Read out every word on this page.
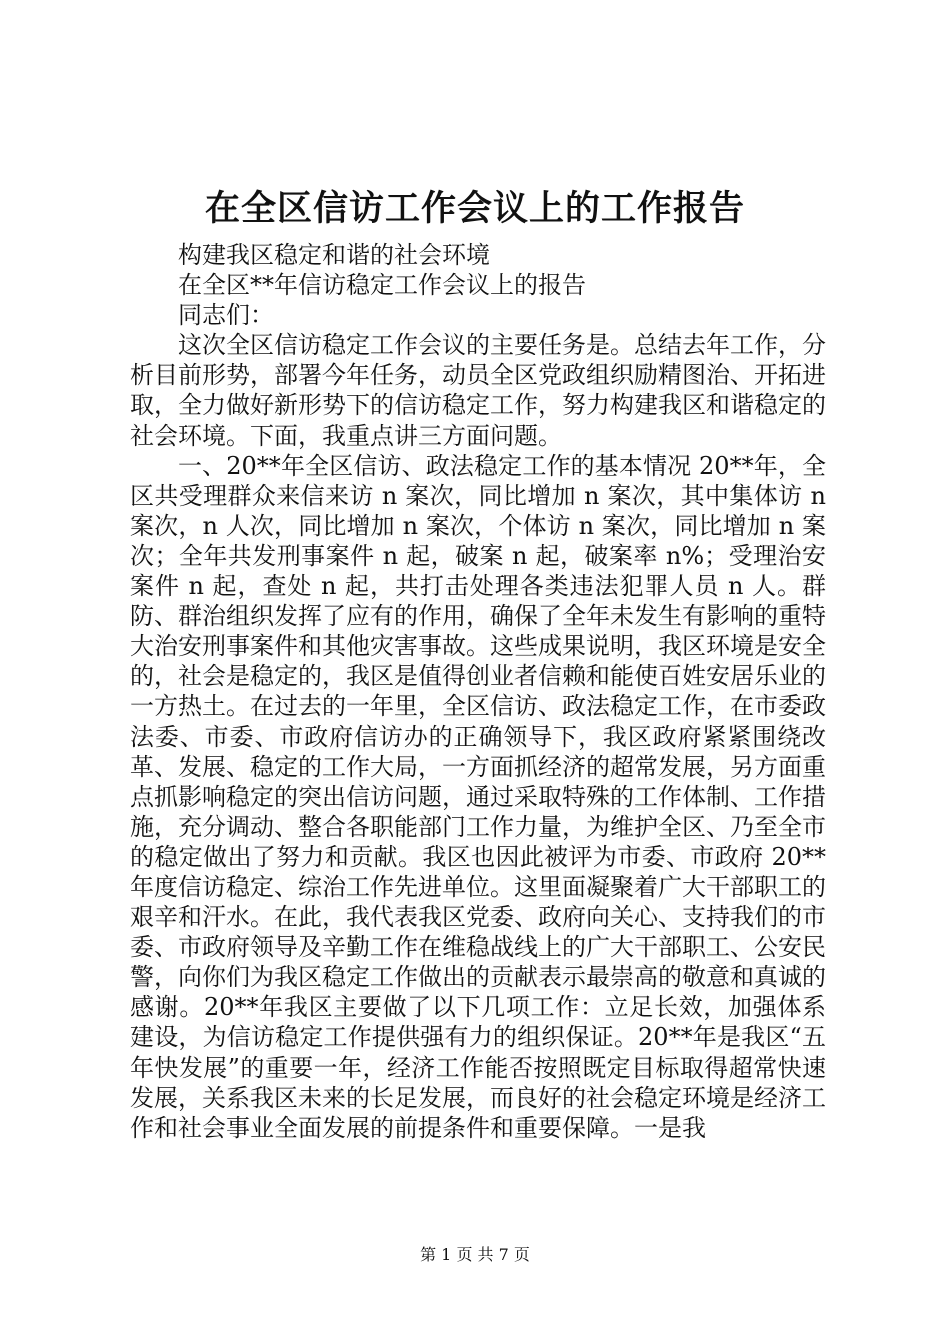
在全区信访工作会议上的工作报告

构建我区稳定和谐的社会环境

在全区**年信访稳定工作会议上的报告

同志们：

这次全区信访稳定工作会议的主要任务是。总结去年工作，分析目前形势，部署今年任务，动员全区党政组织励精图治、开拓进取，全力做好新形势下的信访稳定工作，努力构建我区和谐稳定的社会环境。下面，我重点讲三方面问题。

一、20**年全区信访、政法稳定工作的基本情况 20**年，全区共受理群众来信来访 n 案次，同比增加 n 案次，其中集体访 n 案次，n 人次，同比增加 n 案次，个体访 n 案次，同比增加 n 案次；全年共发刑事案件 n 起，破案 n 起，破案率 n%；受理治安案件 n 起，查处 n 起，共打击处理各类违法犯罪人员 n 人。群防、群治组织发挥了应有的作用，确保了全年未发生有影响的重特大治安刑事案件和其他灾害事故。这些成果说明，我区环境是安全的，社会是稳定的，我区是值得创业者信赖和能使百姓安居乐业的一方热土。在过去的一年里，全区信访、政法稳定工作，在市委政法委、市委、市政府信访办的正确领导下，我区政府紧紧围绕改革、发展、稳定的工作大局，一方面抓经济的超常发展，另方面重点抓影响稳定的突出信访问题，通过采取特殊的工作体制、工作措施，充分调动、整合各职能部门工作力量，为维护全区、乃至全市的稳定做出了努力和贡献。我区也因此被评为市委、市政府 20**年度信访稳定、综治工作先进单位。这里面凝聚着广大干部职工的艰辛和汗水。在此，我代表我区党委、政府向关心、支持我们的市委、市政府领导及辛勤工作在维稳战线上的广大干部职工、公安民警，向你们为我区稳定工作做出的贡献表示最崇高的敬意和真诚的感谢。20**年我区主要做了以下几项工作：立足长效，加强体系建设，为信访稳定工作提供强有力的组织保证。20**年是我区“五年快发展”的重要一年，经济工作能否按照既定目标取得超常快速发展，关系我区未来的长足发展，而良好的社会稳定环境是经济工作和社会事业全面发展的前提条件和重要保障。一是我

第 1 页 共 7 页
